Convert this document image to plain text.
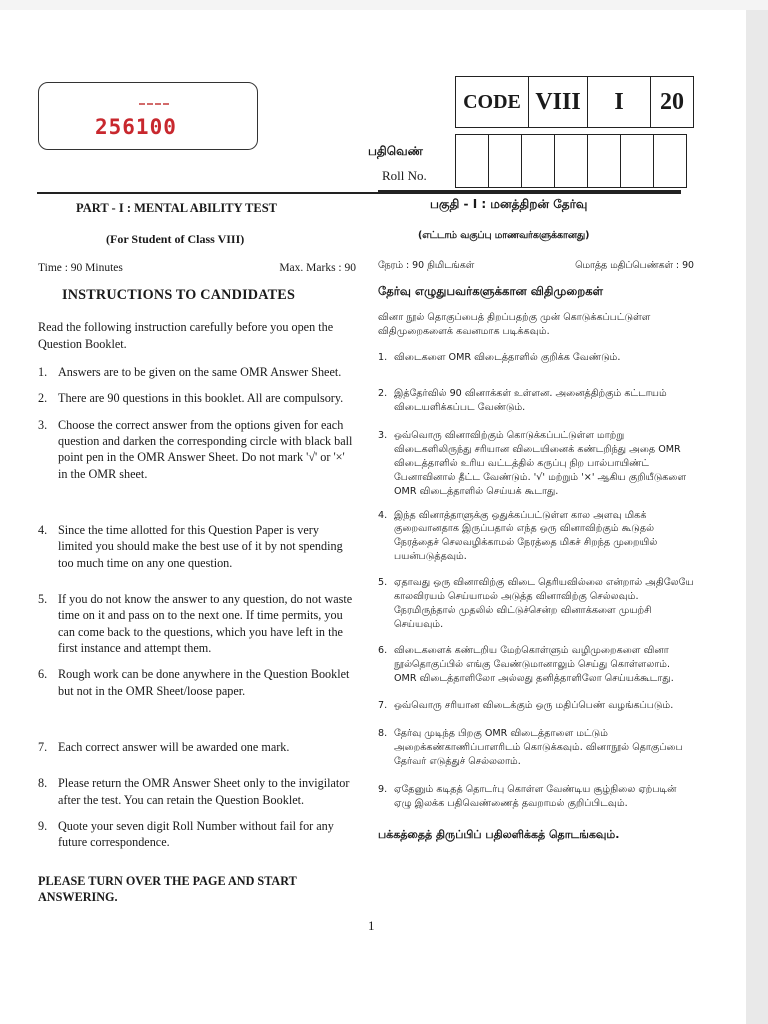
256100
CODE	VIII	I	20
பதிவெண்
Roll No.

PART - I : MENTAL ABILITY TEST
(For Student of Class VIII)
Time : 90 Minutes	Max. Marks : 90
INSTRUCTIONS TO CANDIDATES
Read the following instruction carefully before you open the Question Booklet.
1. Answers are to be given on the same OMR Answer Sheet.
2. There are 90 questions in this booklet. All are compulsory.
3. Choose the correct answer from the options given for each question and darken the corresponding circle with black ball point pen in the OMR Answer Sheet. Do not mark '√' or '×' in the OMR sheet.
4. Since the time allotted for this Question Paper is very limited you should make the best use of it by not spending too much time on any one question.
5. If you do not know the answer to any question, do not waste time on it and pass on to the next one. If time permits, you can come back to the questions, which you have left in the first instance and attempt them.
6. Rough work can be done anywhere in the Question Booklet but not in the OMR Sheet/loose paper.
7. Each correct answer will be awarded one mark.
8. Please return the OMR Answer Sheet only to the invigilator after the test. You can retain the Question Booklet.
9. Quote your seven digit Roll Number without fail for any future correspondence.
PLEASE TURN OVER THE PAGE AND START ANSWERING.
பகுதி - I : மனத்திறன் தேர்வு
(எட்டாம் வகுப்பு மாணவர்களுக்கானது)
நேரம் : 90 நிமிடங்கள்	மொத்த மதிப்பெண்கள் : 90
தேர்வு எழுதுபவர்களுக்கான விதிமுறைகள்
வினா நூல் தொகுப்பைத் திறப்பதற்கு முன் கொடுக்கப்பட்டுள்ள விதிமுறைகளைக் கவனமாக படிக்கவும்.
1. விடைகளை OMR விடைத்தாளில் குறிக்க வேண்டும்.
2. இத்தேர்வில் 90 வினாக்கள் உள்ளன. அனைத்திற்கும் கட்டாயம் விடையளிக்கப்பட வேண்டும்.
3. ஒவ்வொரு வினாவிற்கும் கொடுக்கப்பட்டுள்ள மாற்று விடைகளிலிருந்து சரியான விடையினைக் கண்டறிந்து அதை OMR விடைத்தாளில் உரிய வட்டத்தில் கருப்பு நிற பால்பாயிண்ட் பேனாவினால் தீட்ட வேண்டும். '√' மற்றும் '×' ஆகிய குறியீடுகளை OMR விடைத்தாளில் செய்யக் கூடாது.
4. இந்த வினாத்தாளுக்கு ஒதுக்கப்பட்டுள்ள கால அளவு மிகக் குறைவானதாக இருப்பதால் எந்த ஒரு வினாவிற்கும் கூடுதல் நேரத்தைச் செலவழிக்காமல் நேரத்தை மிகச் சிறந்த முறையில் பயன்படுத்தவும்.
5. ஏதாவது ஒரு வினாவிற்கு விடை தெரியவில்லை என்றால் அதிலேயே காலவிரயம் செய்யாமல் அடுத்த வினாவிற்கு செல்லவும். நேரமிருந்தால் முதலில் விட்டுச்சென்ற வினாக்களை முயற்சி செய்யவும்.
6. விடைகளைக் கண்டறிய மேற்கொள்ளும் வழிமுறைகளை வினா நூல்தொகுப்பில் எங்கு வேண்டுமானாலும் செய்து கொள்ளலாம். OMR விடைத்தாளிலோ அல்லது தனித்தாளிலோ செய்யக்கூடாது.
7. ஒவ்வொரு சரியான விடைக்கும் ஒரு மதிப்பெண் வழங்கப்படும்.
8. தேர்வு முடிந்த பிறகு OMR விடைத்தாளை மட்டும் அறைக்கண்காணிப்பாளரிடம் கொடுக்கவும். வினாநூல் தொகுப்பை தேர்வர் எடுத்துச் செல்லலாம்.
9. ஏதேனும் கடிதத் தொடர்பு கொள்ள வேண்டிய சூழ்நிலை ஏற்படின் ஏழு இலக்க பதிவெண்ணைத் தவறாமல் குறிப்பிடவும்.
பக்கத்தைத் திருப்பிப் பதிலளிக்கத் தொடங்கவும்.
1
